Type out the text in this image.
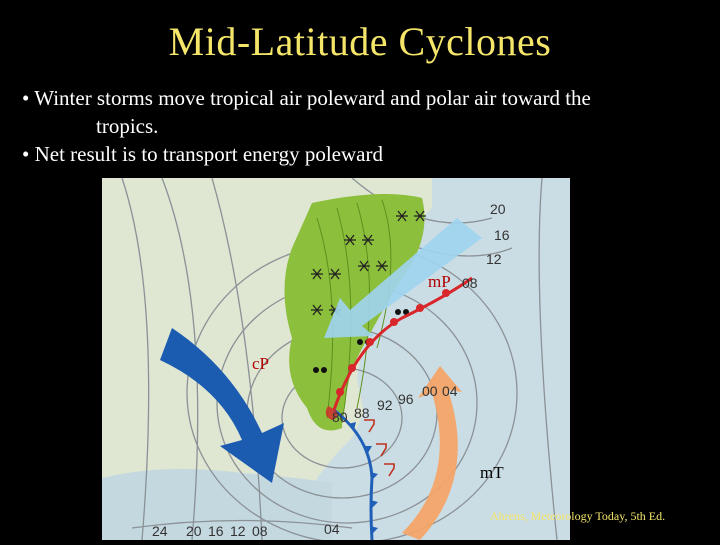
Mid-Latitude Cyclones
• Winter storms move tropical air poleward and polar air toward the
tropics.
• Net result is to transport energy poleward
20
16
12
08
00 04
96
92
88
80
24 20 16 12 08	04
mP
cP
mT
Ahrens, Meteorology Today, 5th Ed.
